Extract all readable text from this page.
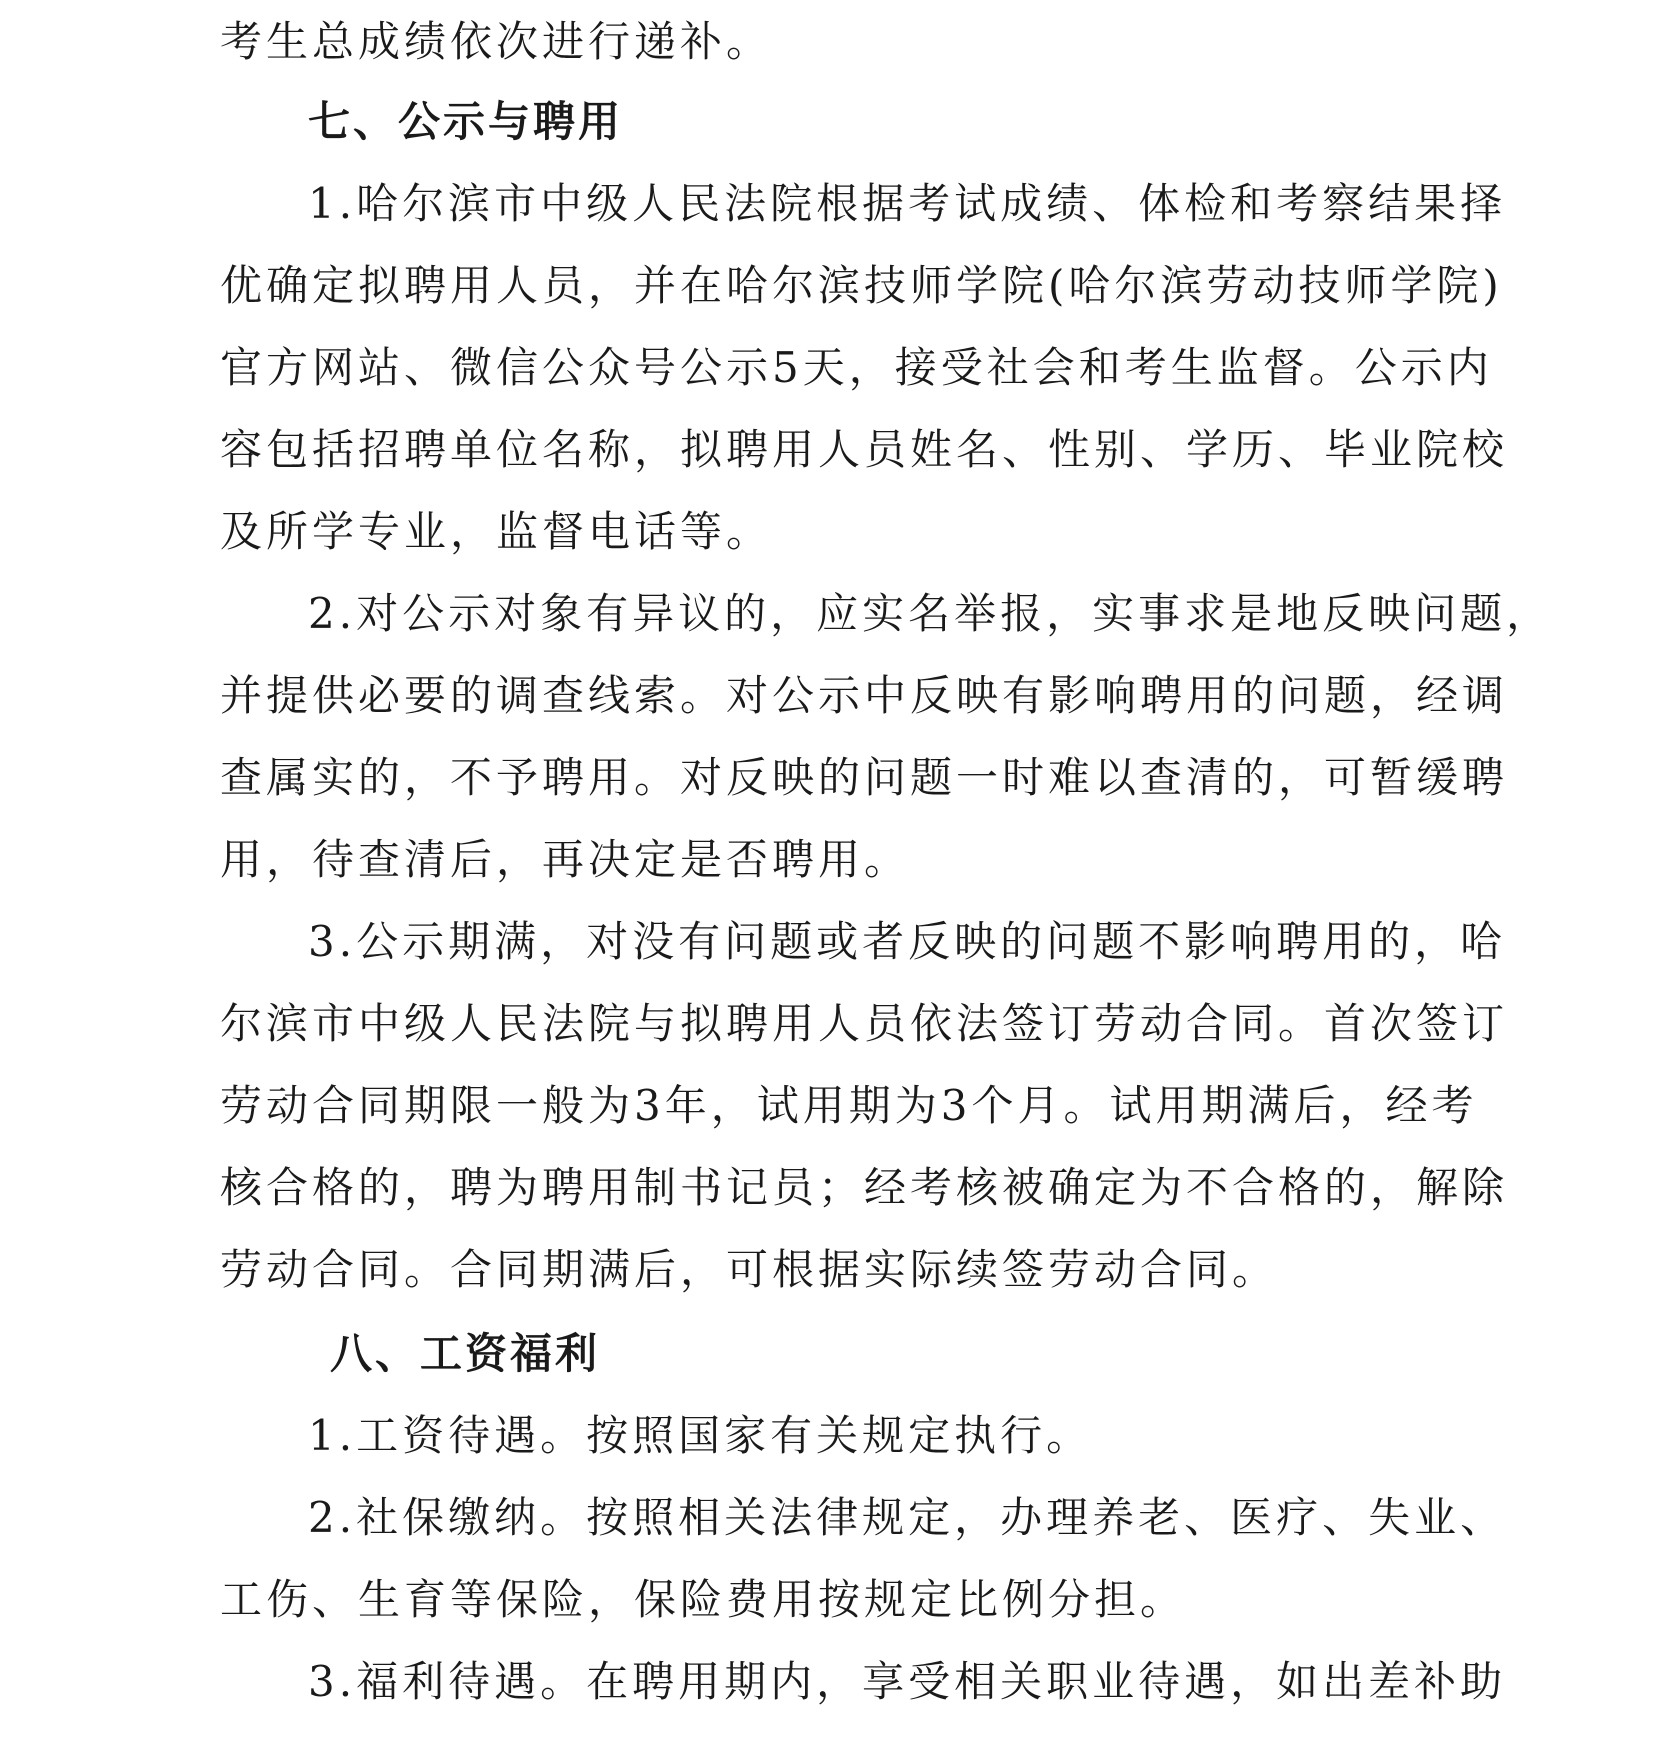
考生总成绩依次进行递补。
七、公示与聘用
1.哈尔滨市中级人民法院根据考试成绩、体检和考察结果择
优确定拟聘用人员，并在哈尔滨技师学院(哈尔滨劳动技师学院)
官方网站、微信公众号公示5天，接受社会和考生监督。公示内
容包括招聘单位名称，拟聘用人员姓名、性别、学历、毕业院校
及所学专业，监督电话等。
2.对公示对象有异议的，应实名举报，实事求是地反映问题，
并提供必要的调查线索。对公示中反映有影响聘用的问题，经调
查属实的，不予聘用。对反映的问题一时难以查清的，可暂缓聘
用，待查清后，再决定是否聘用。
3.公示期满，对没有问题或者反映的问题不影响聘用的，哈
尔滨市中级人民法院与拟聘用人员依法签订劳动合同。首次签订
劳动合同期限一般为3年，试用期为3个月。试用期满后，经考
核合格的，聘为聘用制书记员；经考核被确定为不合格的，解除
劳动合同。合同期满后，可根据实际续签劳动合同。
八、工资福利
1.工资待遇。按照国家有关规定执行。
2.社保缴纳。按照相关法律规定，办理养老、医疗、失业、
工伤、生育等保险，保险费用按规定比例分担。
3.福利待遇。在聘用期内，享受相关职业待遇，如出差补助
